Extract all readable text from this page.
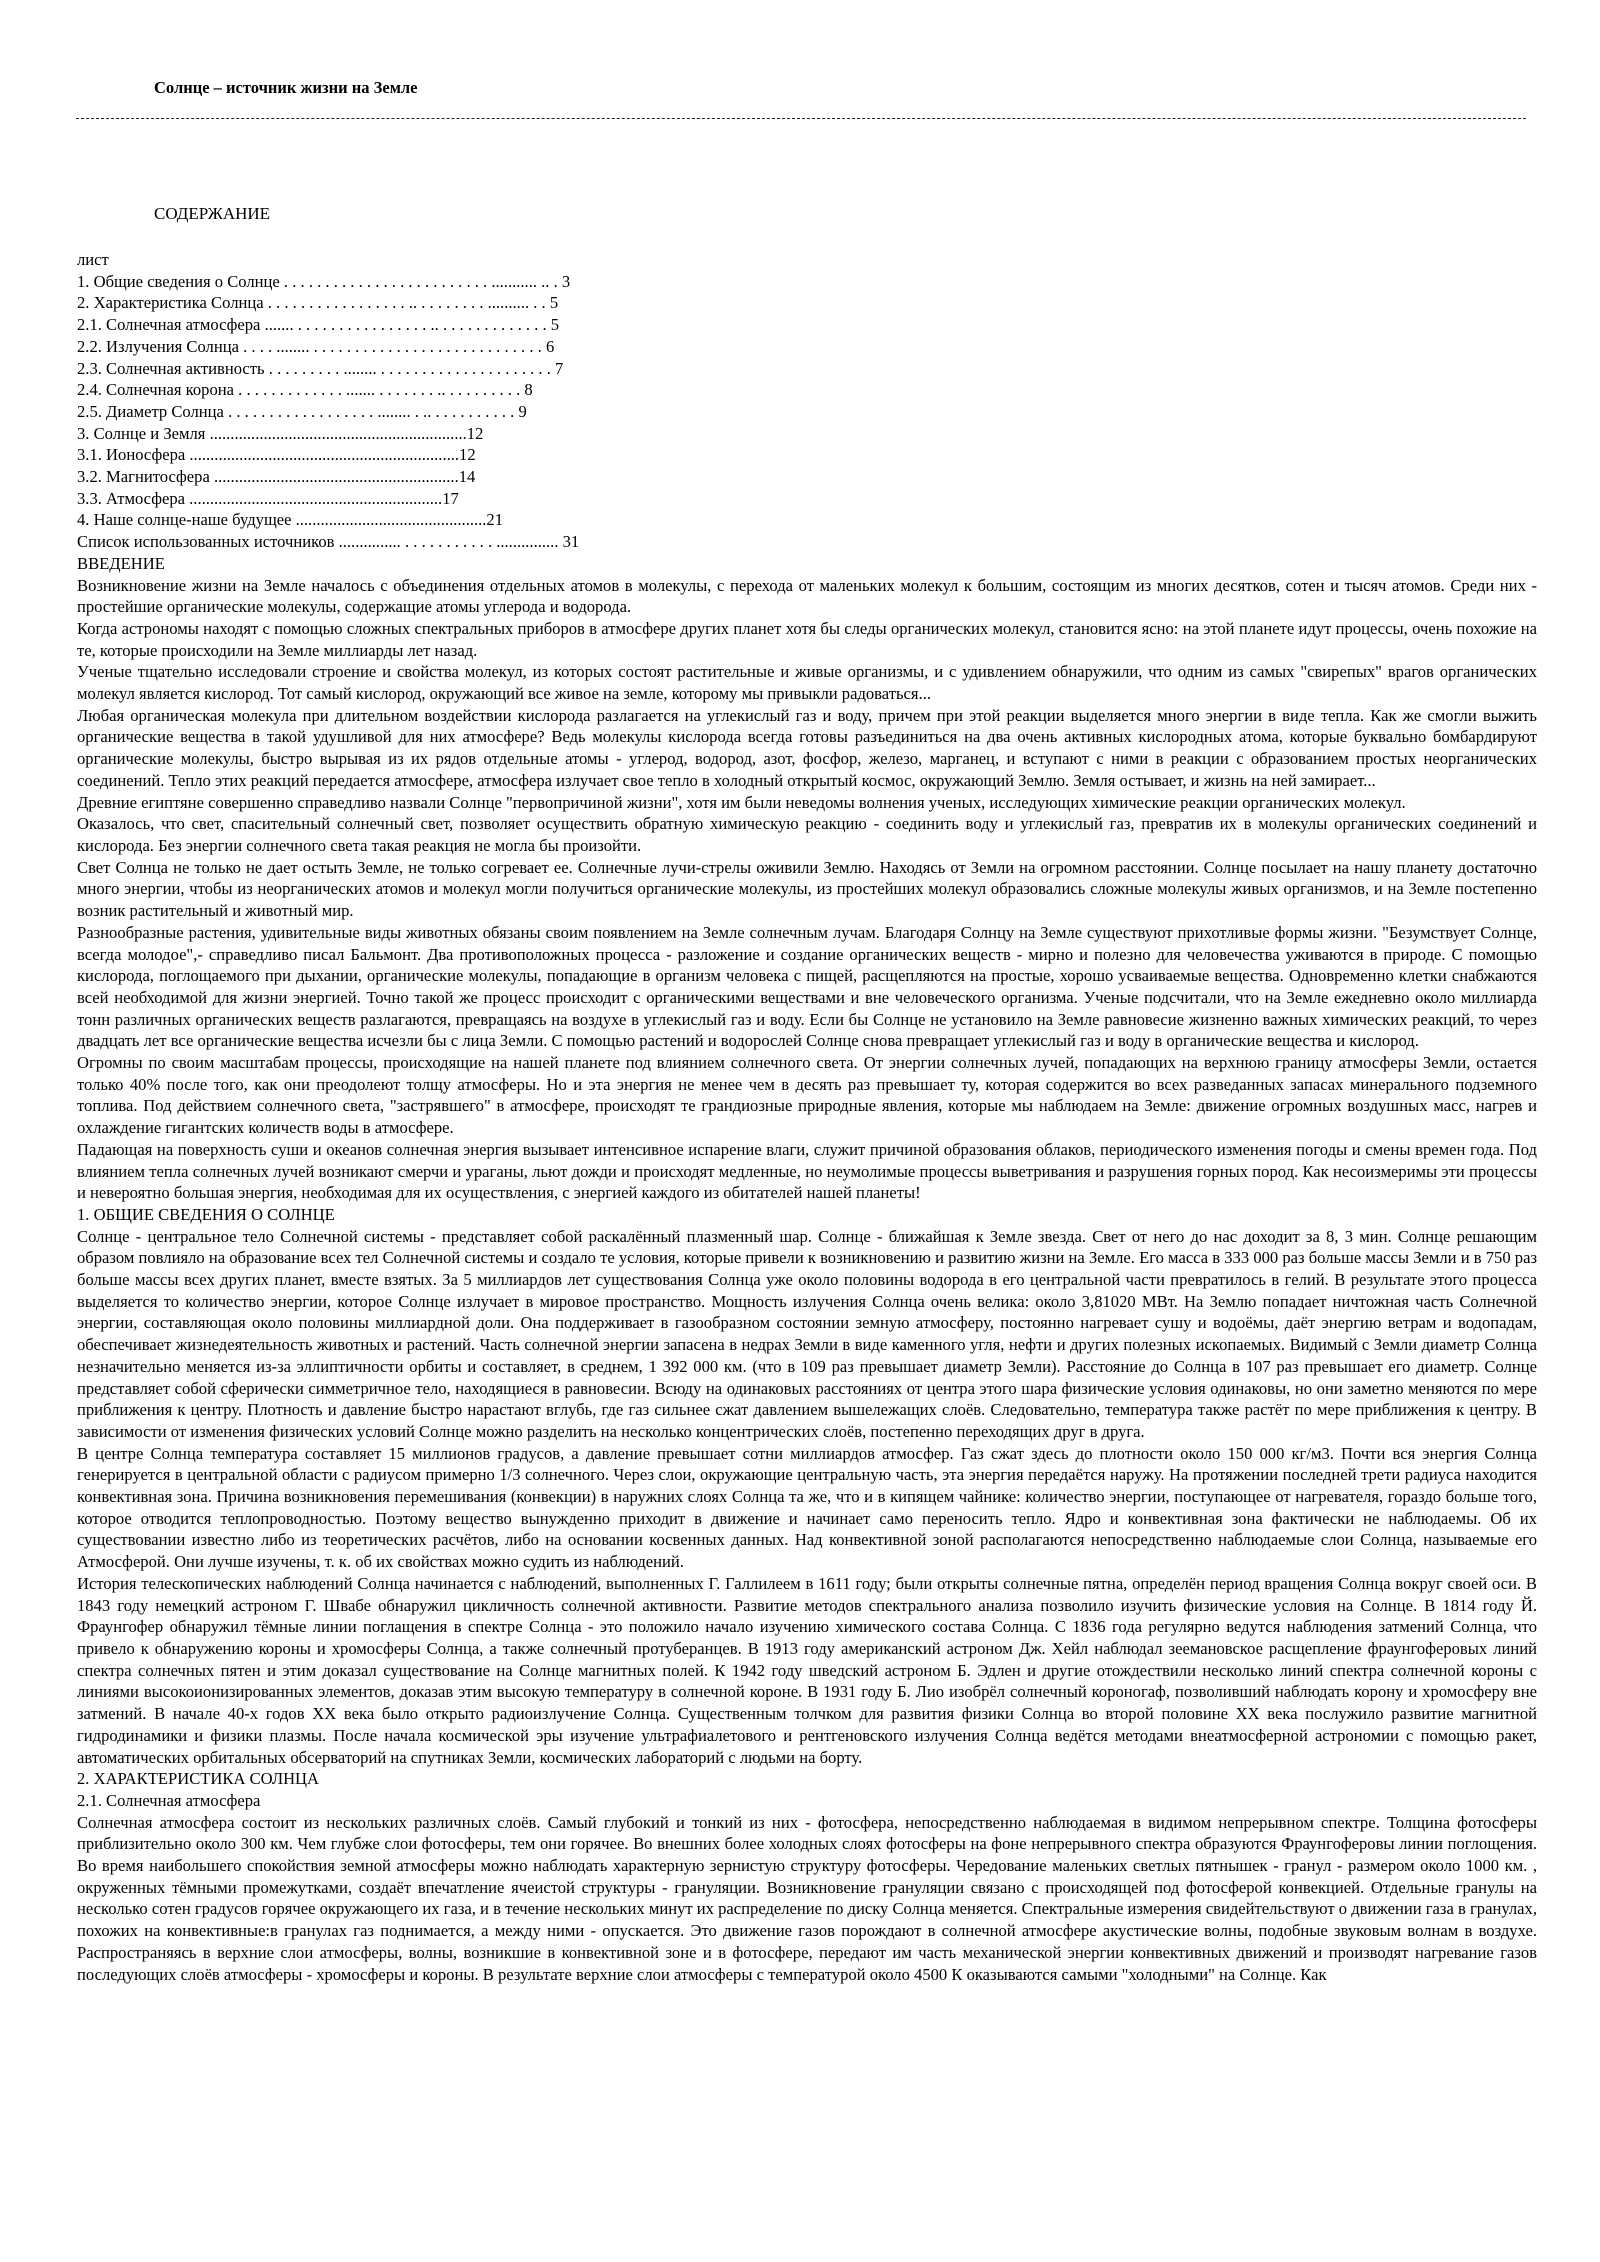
Солнце – источник жизни на Земле
СОДЕРЖАНИЕ
лист
1. Общие сведения о Солнце . . . . . . . . . . . . . . . . . . . . . . . . . ........... .. . 3
2. Характеристика Солнца . . . . . . . . . . . . . . . . . .. . . . . . . . . .......... . . 5
2.1. Солнечная атмосфера ....... . . . . . . . . . . . . . . . . .. . . . . . . . . . . . . . 5
2.2. Излучения Солнца . . . . ........ . . . . . . . . . . . . . . . . . . . . . . . . . . . . 6
2.3. Солнечная активность . . . . . . . . . ........ . . . . . . . . . . . . . . . . . . . . . 7
2.4. Солнечная корона . . . . . . . . . . . . . ....... . . . . . . . .. . . . . . . . . . 8
2.5. Диаметр Солнца . . . . . . . . . . . . . . . . . . ........ . .. . . . . . . . . . . 9
3. Солнце и Земля ..............................................................12
3.1. Ионосфера .................................................................12
3.2. Магнитосфера ...........................................................14
3.3. Атмосфера .............................................................17
4. Наше солнце-наше будущее ..............................................21
Список использованных источников ............... . . . . . . . . . . . ............... 31
ВВЕДЕНИЕ
Возникновение жизни на Земле началось с объединения отдельных атомов в молекулы, с перехода от маленьких молекул к большим, состоящим из многих десятков, сотен и тысяч атомов. Среди них - простейшие органические молекулы, содержащие атомы углерода и водорода.
Когда астрономы находят с помощью сложных спектральных приборов в атмосфере других планет хотя бы следы органических молекул, становится ясно: на этой планете идут процессы, очень похожие на те, которые происходили на Земле миллиарды лет назад.
Ученые тщательно исследовали строение и свойства молекул, из которых состоят растительные и живые организмы, и с удивлением обнаружили, что одним из самых "свирепых" врагов органических молекул является кислород. Тот самый кислород, окружающий все живое на земле, которому мы привыкли радоваться...
Любая органическая молекула при длительном воздействии кислорода разлагается на углекислый газ и воду, причем при этой реакции выделяется много энергии в виде тепла. Как же смогли выжить органические вещества в такой удушливой для них атмосфере? Ведь молекулы кислорода всегда готовы разъединиться на два очень активных кислородных атома, которые буквально бомбардируют органические молекулы, быстро вырывая из их рядов отдельные атомы - углерод, водород, азот, фосфор, железо, марганец, и вступают с ними в реакции с образованием простых неорганических соединений. Тепло этих реакций передается атмосфере, атмосфера излучает свое тепло в холодный открытый космос, окружающий Землю. Земля остывает, и жизнь на ней замирает...
Древние египтяне совершенно справедливо назвали Солнце "первопричиной жизни", хотя им были неведомы волнения ученых, исследующих химические реакции органических молекул.
Оказалось, что свет, спасительный солнечный свет, позволяет осуществить обратную химическую реакцию - соединить воду и углекислый газ, превратив их в молекулы органических соединений и кислорода. Без энергии солнечного света такая реакция не могла бы произойти.
Свет Солнца не только не дает остыть Земле, не только согревает ее. Солнечные лучи-стрелы оживили Землю. Находясь от Земли на огромном расстоянии. Солнце посылает на нашу планету достаточно много энергии, чтобы из неорганических атомов и молекул могли получиться органические молекулы, из простейших молекул образовались сложные молекулы живых организмов, и на Земле постепенно возник растительный и животный мир.
Разнообразные растения, удивительные виды животных обязаны своим появлением на Земле солнечным лучам. Благодаря Солнцу на Земле существуют прихотливые формы жизни. "Безумствует Солнце, всегда молодое",- справедливо писал Бальмонт. Два противоположных процесса - разложение и создание органических веществ - мирно и полезно для человечества уживаются в природе. С помощью кислорода, поглощаемого при дыхании, органические молекулы, попадающие в организм человека с пищей, расщепляются на простые, хорошо усваиваемые вещества. Одновременно клетки снабжаются всей необходимой для жизни энергией. Точно такой же процесс происходит с органическими веществами и вне человеческого организма. Ученые подсчитали, что на Земле ежедневно около миллиарда тонн различных органических веществ разлагаются, превращаясь на воздухе в углекислый газ и воду. Если бы Солнце не установило на Земле равновесие жизненно важных химических реакций, то через двадцать лет все органические вещества исчезли бы с лица Земли. С помощью растений и водорослей Солнце снова превращает углекислый газ и воду в органические вещества и кислород.
Огромны по своим масштабам процессы, происходящие на нашей планете под влиянием солнечного света. От энергии солнечных лучей, попадающих на верхнюю границу атмосферы Земли, остается только 40% после того, как они преодолеют толщу атмосферы. Но и эта энергия не менее чем в десять раз превышает ту, которая содержится во всех разведанных запасах минерального подземного топлива. Под действием солнечного света, "застрявшего" в атмосфере, происходят те грандиозные природные явления, которые мы наблюдаем на Земле: движение огромных воздушных масс, нагрев и охлаждение гигантских количеств воды в атмосфере.
Падающая на поверхность суши и океанов солнечная энергия вызывает интенсивное испарение влаги, служит причиной образования облаков, периодического изменения погоды и смены времен года. Под влиянием тепла солнечных лучей возникают смерчи и ураганы, льют дожди и происходят медленные, но неумолимые процессы выветривания и разрушения горных пород. Как несоизмеримы эти процессы и невероятно большая энергия, необходимая для их осуществления, с энергией каждого из обитателей нашей планеты!
1. ОБЩИЕ СВЕДЕНИЯ О СОЛНЦЕ
Солнце - центральное тело Солнечной системы - представляет собой раскалённый плазменный шар. Солнце - ближайшая к Земле звезда. Свет от него до нас доходит за 8, 3 мин. Солнце решающим образом повлияло на образование всех тел Солнечной системы и создало те условия, которые привели к возникновению и развитию жизни на Земле. Его масса в 333 000 раз больше массы Земли и в 750 раз больше массы всех других планет, вместе взятых. За 5 миллиардов лет существования Солнца уже около половины водорода в его центральной части превратилось в гелий. В результате этого процесса выделяется то количество энергии, которое Солнце излучает в мировое пространство. Мощность излучения Солнца очень велика: около 3,81020 МВт. На Землю попадает ничтожная часть Солнечной энергии, составляющая около половины миллиардной доли. Она поддерживает в газообразном состоянии земную атмосферу, постоянно нагревает сушу и водоёмы, даёт энергию ветрам и водопадам, обеспечивает жизнедеятельность животных и растений. Часть солнечной энергии запасена в недрах Земли в виде каменного угля, нефти и других полезных ископаемых. Видимый с Земли диаметр Солнца незначительно меняется из-за эллиптичности орбиты и составляет, в среднем, 1 392 000 км. (что в 109 раз превышает диаметр Земли). Расстояние до Солнца в 107 раз превышает его диаметр. Солнце представляет собой сферически симметричное тело, находящиеся в равновесии. Всюду на одинаковых расстояниях от центра этого шара физические условия одинаковы, но они заметно меняются по мере приближения к центру. Плотность и давление быстро нарастают вглубь, где газ сильнее сжат давлением вышележащих слоёв. Следовательно, температура также растёт по мере приближения к центру. В зависимости от изменения физических условий Солнце можно разделить на несколько концентрических слоёв, постепенно переходящих друг в друга.
В центре Солнца температура составляет 15 миллионов градусов, а давление превышает сотни миллиардов атмосфер. Газ сжат здесь до плотности около 150 000 кг/м3. Почти вся энергия Солнца генерируется в центральной области с радиусом примерно 1/3 солнечного. Через слои, окружающие центральную часть, эта энергия передаётся наружу. На протяжении последней трети радиуса находится конвективная зона. Причина возникновения перемешивания (конвекции) в наружних слоях Солнца та же, что и в кипящем чайнике: количество энергии, поступающее от нагревателя, гораздо больше того, которое отводится теплопроводностью. Поэтому вещество вынужденно приходит в движение и начинает само переносить тепло. Ядро и конвективная зона фактически не наблюдаемы. Об их существовании известно либо из теоретических расчётов, либо на основании косвенных данных. Над конвективной зоной располагаются непосредственно наблюдаемые слои Солнца, называемые его Атмосферой. Они лучше изучены, т. к. об их свойствах можно судить из наблюдений.
История телескопических наблюдений Солнца начинается с наблюдений, выполненных Г. Галлилеем в 1611 году; были открыты солнечные пятна, определён период вращения Солнца вокруг своей оси. В 1843 году немецкий астроном Г. Швабе обнаружил цикличность солнечной активности. Развитие методов спектрального анализа позволило изучить физические условия на Солнце. В 1814 году Й. Фраунгофер обнаружил тёмные линии поглащения в спектре Солнца - это положило начало изучению химического состава Солнца. С 1836 года регулярно ведутся наблюдения затмений Солнца, что привело к обнаружению короны и хромосферы Солнца, а также солнечный протуберанцев. В 1913 году американский астроном Дж. Хейл наблюдал зеемановское расщепление фраунгоферовых линий спектра солнечных пятен и этим доказал существование на Солнце магнитных полей. К 1942 году шведский астроном Б. Эдлен и другие отождествили несколько линий спектра солнечной короны с линиями высокоионизированных элементов, доказав этим высокую температуру в солнечной короне. В 1931 году Б. Лио изобрёл солнечный короногаф, позволивший наблюдать корону и хромосферу вне затмений. В начале 40-х годов XX века было открыто радиоизлучение Солнца. Существенным толчком для развития физики Солнца во второй половине XX века послужило развитие магнитной гидродинамики и физики плазмы. После начала космической эры изучение ультрафиалетового и рентгеновского излучения Солнца ведётся методами внеатмосферной астрономии с помощью ракет, автоматических орбитальных обсерваторий на спутниках Земли, космических лабораторий с людьми на борту.
2. ХАРАКТЕРИСТИКА СОЛНЦА
2.1. Солнечная атмосфера
Солнечная атмосфера состоит из нескольких различных слоёв. Самый глубокий и тонкий из них - фотосфера, непосредственно наблюдаемая в видимом непрерывном спектре. Толщина фотосферы приблизительно около 300 км. Чем глубже слои фотосферы, тем они горячее. Во внешних более холодных слоях фотосферы на фоне непрерывного спектра образуются Фраунгоферовы линии поглощения. Во время наибольшего спокойствия земной атмосферы можно наблюдать характерную зернистую структуру фотосферы. Чередование маленьких светлых пятнышек - гранул - размером около 1000 км. , окруженных тёмными промежутками, создаёт впечатление ячеистой структуры - грануляции. Возникновение грануляции связано с происходящей под фотосферой конвекцией. Отдельные гранулы на несколько сотен градусов горячее окружающего их газа, и в течение нескольких минут их распределение по диску Солнца меняется. Спектральные измерения свидейтельствуют о движении газа в гранулах, похожих на конвективные:в гранулах газ поднимается, а между ними - опускается. Это движение газов порождают в солнечной атмосфере акустические волны, подобные звуковым волнам в воздухе. Распространяясь в верхние слои атмосферы, волны, возникшие в конвективной зоне и в фотосфере, передают им часть механической энергии конвективных движений и производят нагревание газов последующих слоёв атмосферы - хромосферы и короны. В результате верхние слои атмосферы с температурой около 4500 К оказываются самыми "холодными" на Солнце. Как
